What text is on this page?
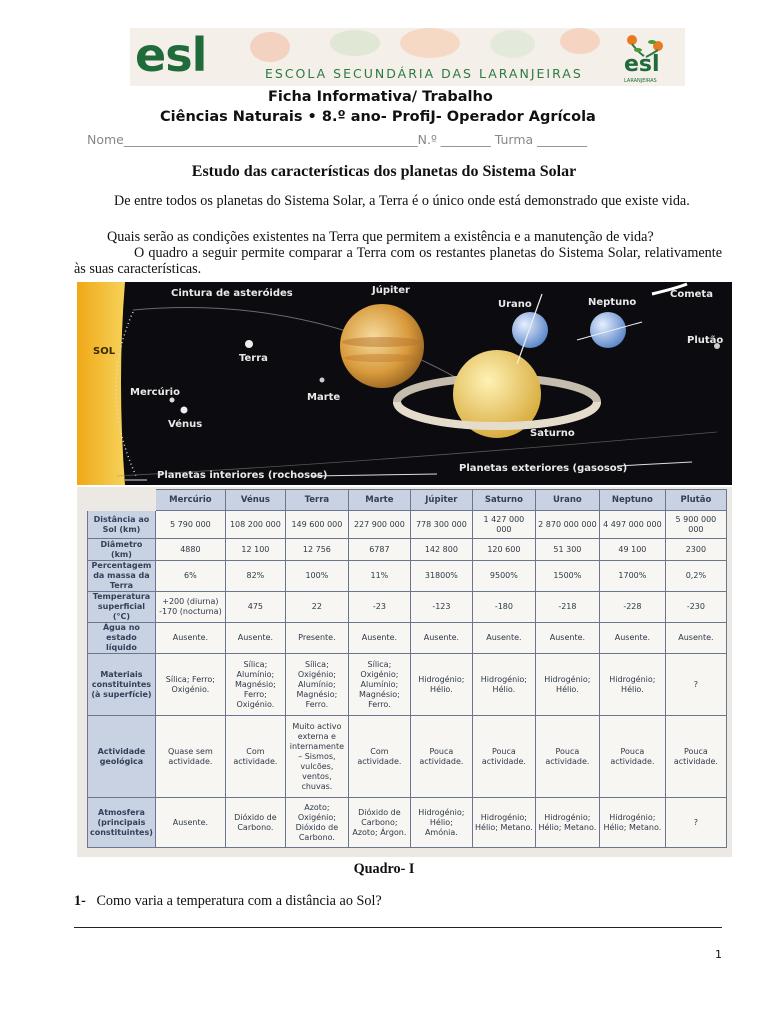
esl	ESCOLA SECUNDÁRIA DAS LARANJEIRAS esl
LARANJEIRAS
Ficha Informativa/ Trabalho
Ciências Naturais • 8.º ano- ProfiJ- Operador Agrícola
Nome_______________________________________________N.º ________ Turma ________
Estudo das características dos planetas do Sistema Solar
De entre todos os planetas do Sistema Solar, a Terra é o único onde está demonstrado que existe vida.
Quais serão as condições existentes na Terra que permitem a existência e a manutenção de vida?
O quadro a seguir permite comparar a Terra com os restantes planetas do Sistema Solar, relativamente às suas características.
SOL
Cintura de asteróides	Júpiter
Urano	Neptuno
Cometa
Plutão
Terra
Mercúrio
Vénus
Marte
Saturno
Planetas interiores (rochosos)
Planetas exteriores (gasosos)
	Mercúrio	Vénus	Terra	Marte	Júpiter	Saturno	Urano	Neptuno	Plutão
Distância ao Sol (km)	5 790 000	108 200 000	149 600 000	227 900 000	778 300 000	1 427 000 000	2 870 000 000	4 497 000 000	5 900 000 000
Diâmetro (km)	4880	12 100	12 756	6787	142 800	120 600	51 300	49 100	2300
Percentagem da massa da Terra	6%	82%	100%	11%	31800%	9500%	1500%	1700%	0,2%
Temperatura superficial (°C)	+200 (diurna) -170 (nocturna)	475	22	-23	-123	-180	-218	-228	-230
Água no estado líquido	Ausente.	Ausente.	Presente.	Ausente.	Ausente.	Ausente.	Ausente.	Ausente.	Ausente.
Materiais constituintes (à superfície)	Sílica; Ferro; Oxigénio.	Sílica; Alumínio; Magnésio; Ferro; Oxigénio.	Sílica; Oxigénio; Alumínio; Magnésio; Ferro.	Sílica; Oxigénio; Alumínio; Magnésio; Ferro.	Hidrogénio; Hélio.	Hidrogénio; Hélio.	Hidrogénio; Hélio.	Hidrogénio; Hélio.	?
Actividade geológica	Quase sem actividade.	Com actividade.	Muito activo externa e internamente – Sismos, vulcões, ventos, chuvas.	Com actividade.	Pouca actividade.	Pouca actividade.	Pouca actividade.	Pouca actividade.	Pouca actividade.
Atmosfera (principais constituintes)	Ausente.	Dióxido de Carbono.	Azoto; Oxigénio; Dióxido de Carbono.	Dióxido de Carbono; Azoto; Árgon.	Hidrogénio; Hélio; Amónia.	Hidrogénio; Hélio; Metano.	Hidrogénio; Hélio; Metano.	Hidrogénio; Hélio; Metano.	?
Quadro- I
1- Como varia a temperatura com a distância ao Sol?
1
